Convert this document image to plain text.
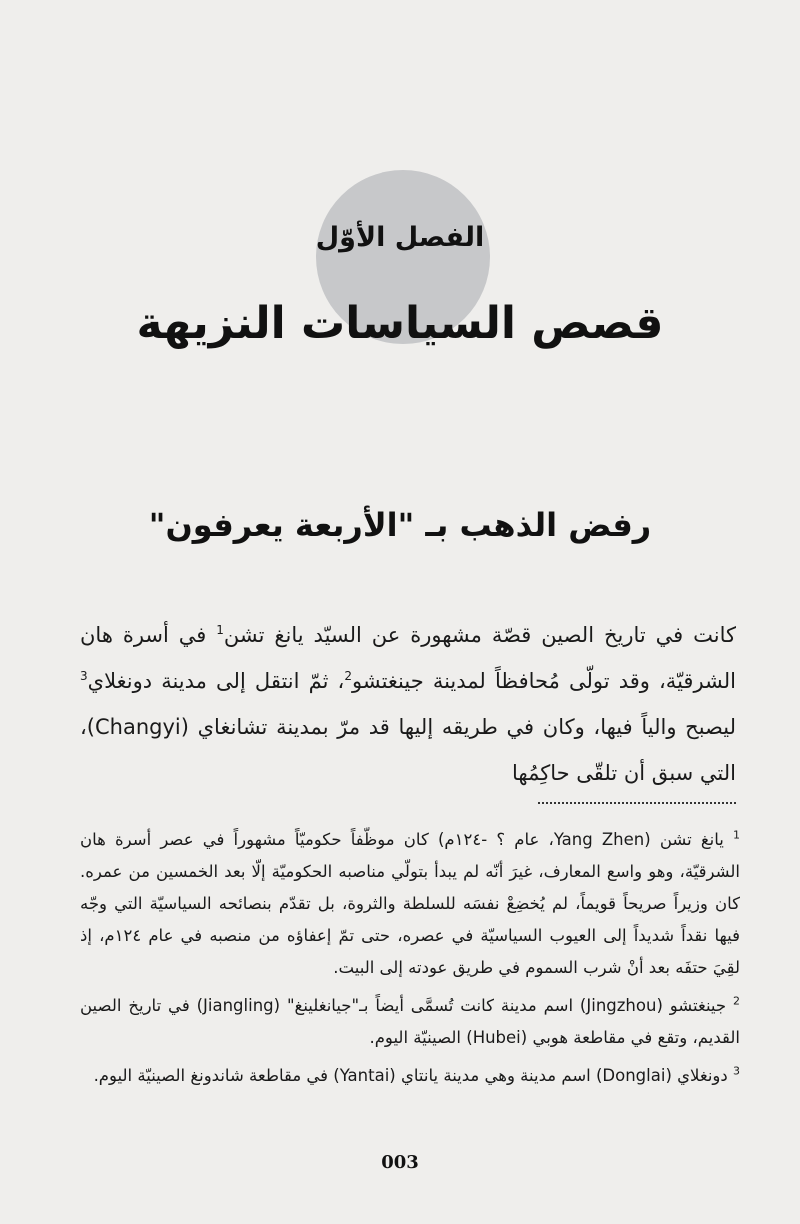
الفصل الأوّل
قصص السياسات النزيهة
رفض الذهب بـ "الأربعة يعرفون"

كانت في تاريخ الصين قصّة مشهورة عن السيّد يانغ تشن$^1$ في أسرة هان الشرقيّة، وقد تولّى مُحافظاً لمدينة جينغتشو$^2$، ثمّ انتقل إلى مدينة دونغلاي$^3$ ليصبح والياً فيها، وكان في طريقه إليها قد مرّ بمدينة تشانغاي (Changyi)، التي سبق أن تلقّى حاكِمُها

$^1$ يانغ تشن (Yang Zhen، عام ؟ -١٢٤م) كان موظّفاً حكوميّاً مشهوراً في عصر أسرة هان الشرقيّة، وهو واسع المعارف، غيرَ أنّه لم يبدأ بتولّي مناصبه الحكوميّة إلّا بعد الخمسين من عمره. كان وزيراً صريحاً قويماً، لم يُخضِعْ نفسَه للسلطة والثروة، بل تقدّم بنصائحه السياسيّة التي وجّه فيها نقداً شديداً إلى العيوب السياسيّة في عصره، حتى تمّ إعفاؤه من منصبه في عام ١٢٤م، إذ لقِيَ حتفَه بعد أنْ شرب السموم في طريق عودته إلى البيت.

$^2$ جينغتشو (Jingzhou) اسم مدينة كانت تُسمَّى أيضاً بـ"جيانغلينغ" (Jiangling) في تاريخ الصين القديم، وتقع في مقاطعة هوبي (Hubei) الصينيّة اليوم.

$^3$ دونغلاي (Donglai) اسم مدينة وهي مدينة يانتاي (Yantai) في مقاطعة شاندونغ الصينيّة اليوم.

003
